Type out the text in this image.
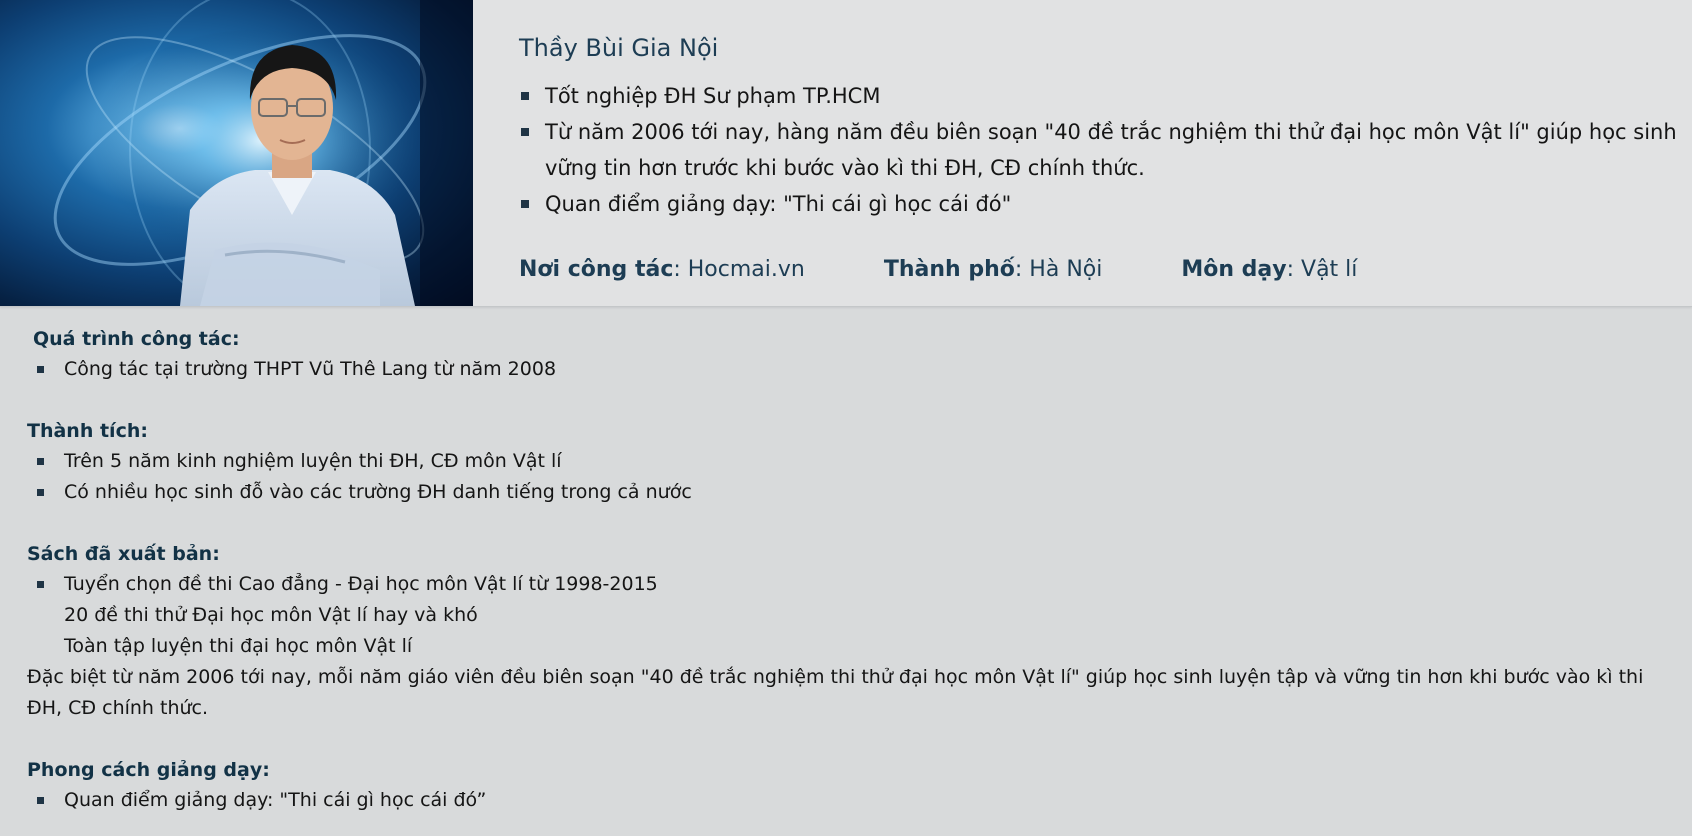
Thầy Bùi Gia Nội
Tốt nghiệp ĐH Sư phạm TP.HCM
Từ năm 2006 tới nay, hàng năm đều biên soạn "40 đề trắc nghiệm thi thử đại học môn Vật lí" giúp học sinh vững tin hơn trước khi bước vào kì thi ĐH, CĐ chính thức.
Quan điểm giảng dạy: "Thi cái gì học cái đó"
Nơi công tác: Hocmai.vn	Thành phố: Hà Nội	Môn dạy: Vật lí
Quá trình công tác:
Công tác tại trường THPT Vũ Thê Lang từ năm 2008
Thành tích:
Trên 5 năm kinh nghiệm luyện thi ĐH, CĐ môn Vật lí
Có nhiều học sinh đỗ vào các trường ĐH danh tiếng trong cả nước
Sách đã xuất bản:
Tuyển chọn đề thi Cao đẳng - Đại học môn Vật lí từ 1998-2015
20 đề thi thử Đại học môn Vật lí hay và khó
Toàn tập luyện thi đại học môn Vật lí
Đặc biệt từ năm 2006 tới nay, mỗi năm giáo viên đều biên soạn "40 đề trắc nghiệm thi thử đại học môn Vật lí" giúp học sinh luyện tập và vững tin hơn khi bước vào kì thi ĐH, CĐ chính thức.
Phong cách giảng dạy:
Quan điểm giảng dạy: "Thi cái gì học cái đó”
